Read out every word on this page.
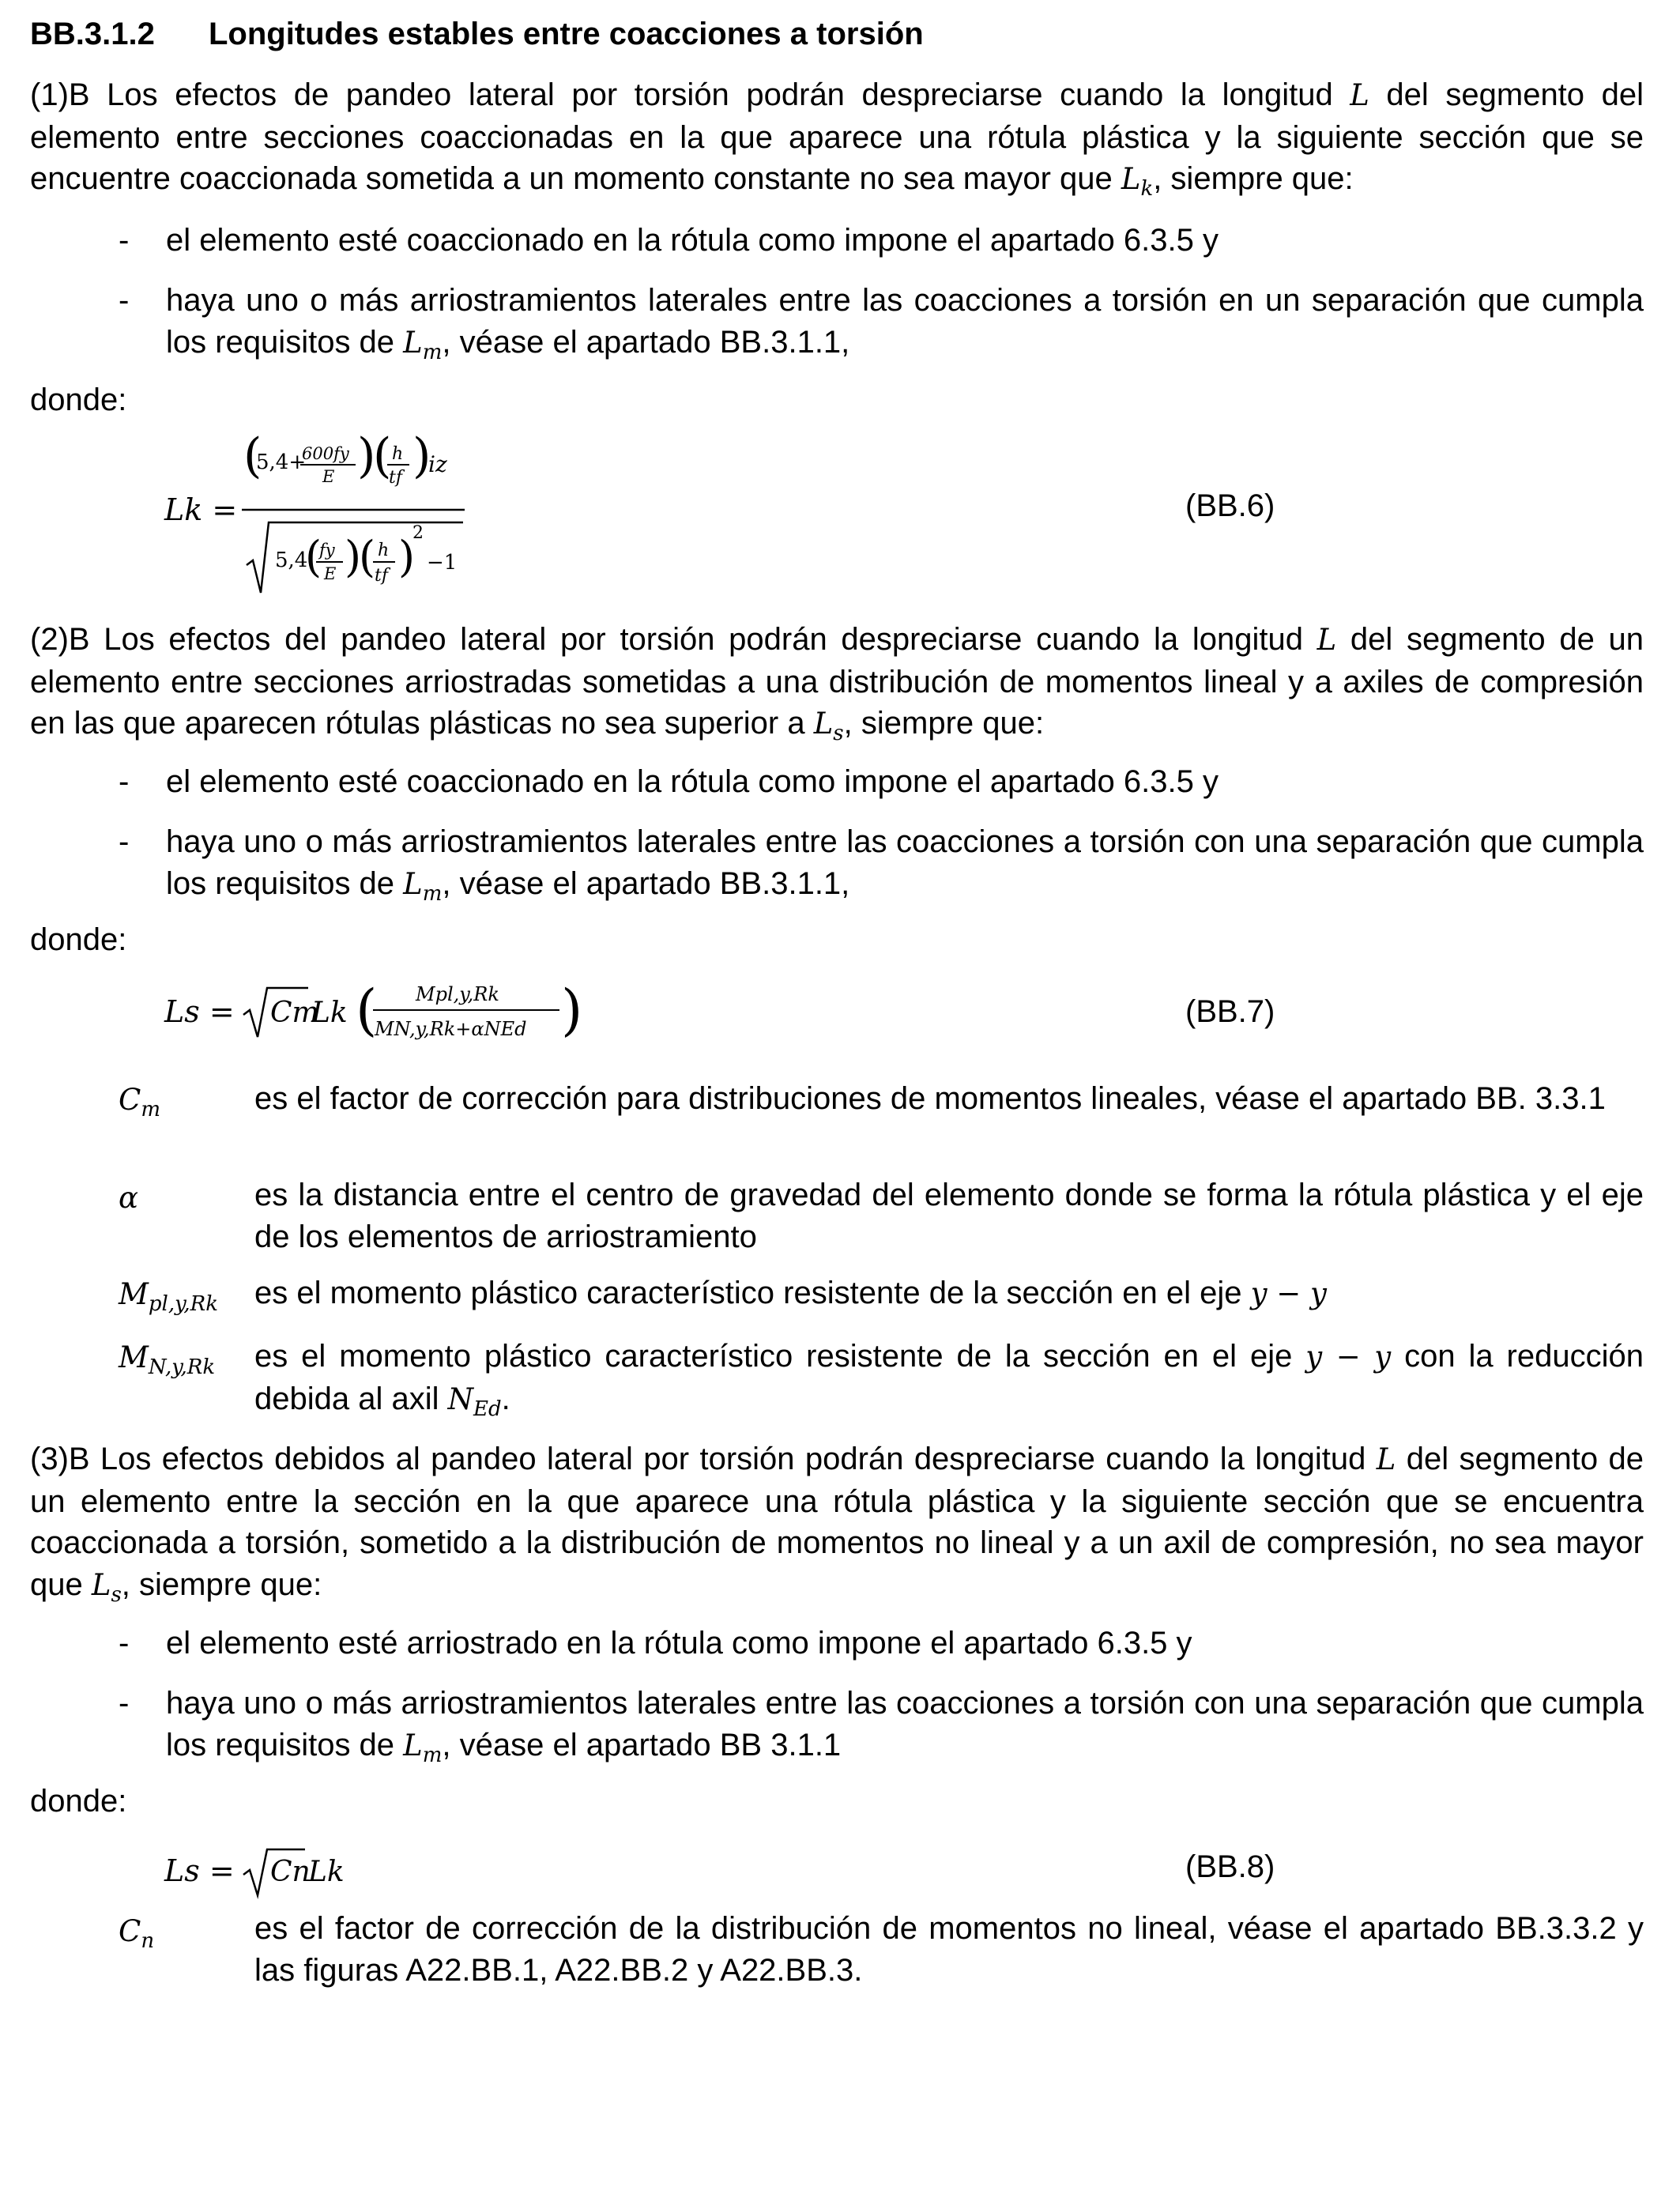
BB.3.1.2 Longitudes estables entre coacciones a torsión
(1)B Los efectos de pandeo lateral por torsión podrán despreciarse cuando la longitud L del segmento del elemento entre secciones coaccionadas en la que aparece una rótula plástica y la siguiente sección que se encuentre coaccionada sometida a un momento constante no sea mayor que $L_k$, siempre que:
- el elemento esté coaccionado en la rótula como impone el apartado 6.3.5 y
- haya uno o más arriostramientos laterales entre las coacciones a torsión en un separación que cumpla los requisitos de $L_m$, véase el apartado BB.3.1.1,
donde:
Lk =
(
5,4+
600fy
E )
( h
tf )
iz
5,4
(
fy
E )
( h
tf )
2
−1
(BB.6)
(2)B Los efectos del pandeo lateral por torsión podrán despreciarse cuando la longitud L del segmento de un elemento entre secciones arriostradas sometidas a una distribución de momentos lineal y a axiles de compresión en las que aparecen rótulas plásticas no sea superior a $L_s$, siempre que:
- el elemento esté coaccionado en la rótula como impone el apartado 6.3.5 y
- haya uno o más arriostramientos laterales entre las coacciones a torsión con una separación que cumpla los requisitos de $L_m$, véase el apartado BB.3.1.1,
donde:
Ls = Cm
Lk ( Mpl,y,Rk
MN,y,Rk+αNEd )	(BB.7)
$C_m$	es el factor de corrección para distribuciones de momentos lineales, véase el apartado BB. 3.3.1
α	es la distancia entre el centro de gravedad del elemento donde se forma la rótula plástica y el eje de los elementos de arriostramiento
$M_{pl,y,Rk}$ es el momento plástico característico resistente de la sección en el eje y − y
$M_{N,y,Rk}$ es el momento plástico característico resistente de la sección en el eje y − y con la reducción debida al axil $N_{Ed}$.
(3)B Los efectos debidos al pandeo lateral por torsión podrán despreciarse cuando la longitud L del segmento de un elemento entre la sección en la que aparece una rótula plástica y la siguiente sección que se encuentra coaccionada a torsión, sometido a la distribución de momentos no lineal y a un axil de compresión, no sea mayor que $L_s$, siempre que:
- el elemento esté arriostrado en la rótula como impone el apartado 6.3.5 y
- haya uno o más arriostramientos laterales entre las coacciones a torsión con una separación que cumpla los requisitos de $L_m$, véase el apartado BB 3.1.1
donde:
Ls = Cn
Lk	(BB.8)
$C_n$	es el factor de corrección de la distribución de momentos no lineal, véase el apartado BB.3.3.2 y las figuras A22.BB.1, A22.BB.2 y A22.BB.3.
